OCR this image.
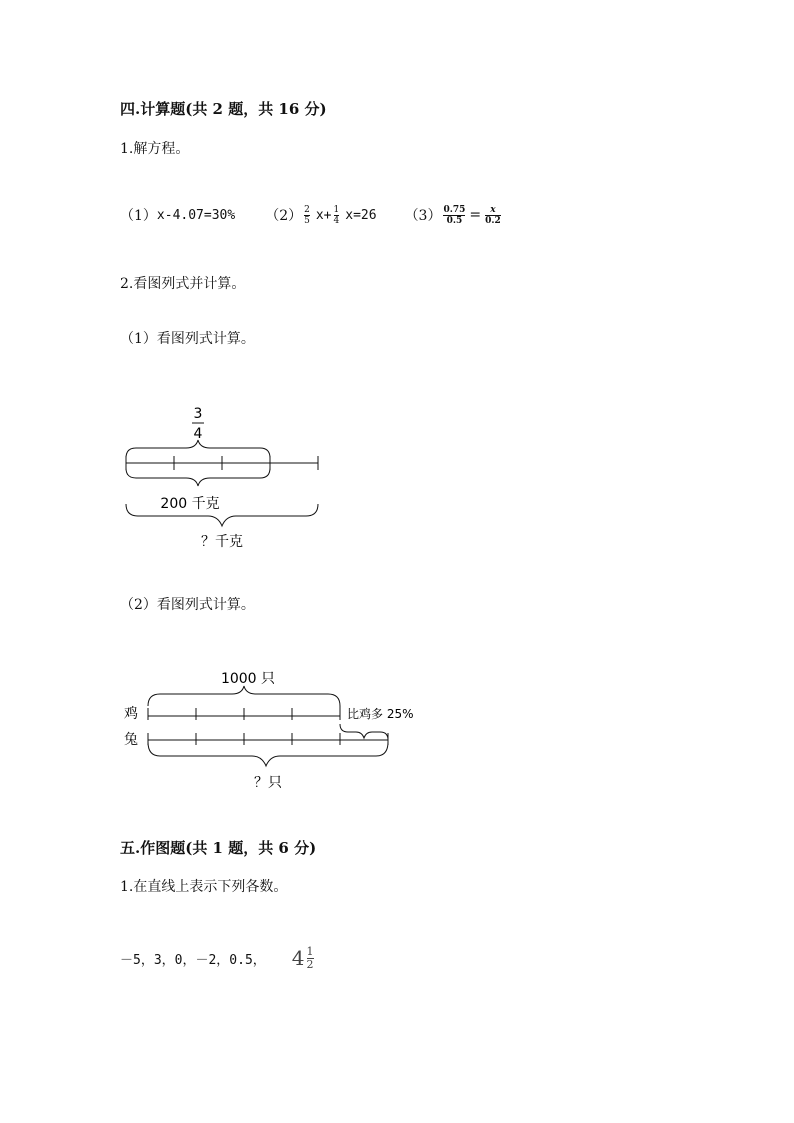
四.计算题(共 2 题，共 16 分)
1.解方程。
（1） x-4.07=30% $(2) \frac{2}{5} x+ \frac{1}{4} x=26$ $(3) \frac{0.75}{0.5} = \frac{x}{0.2}$
2.看图列式并计算。
（1）看图列式计算。
3
4
200 千克
？千克
（2）看图列式计算。
1000 只
鸡	比鸡多 25%
兔
？只
五.作图题(共 1 题，共 6 分)
1.在直线上表示下列各数。
－5，3，0，－2，0.5， $4 \frac{1}{2}$
